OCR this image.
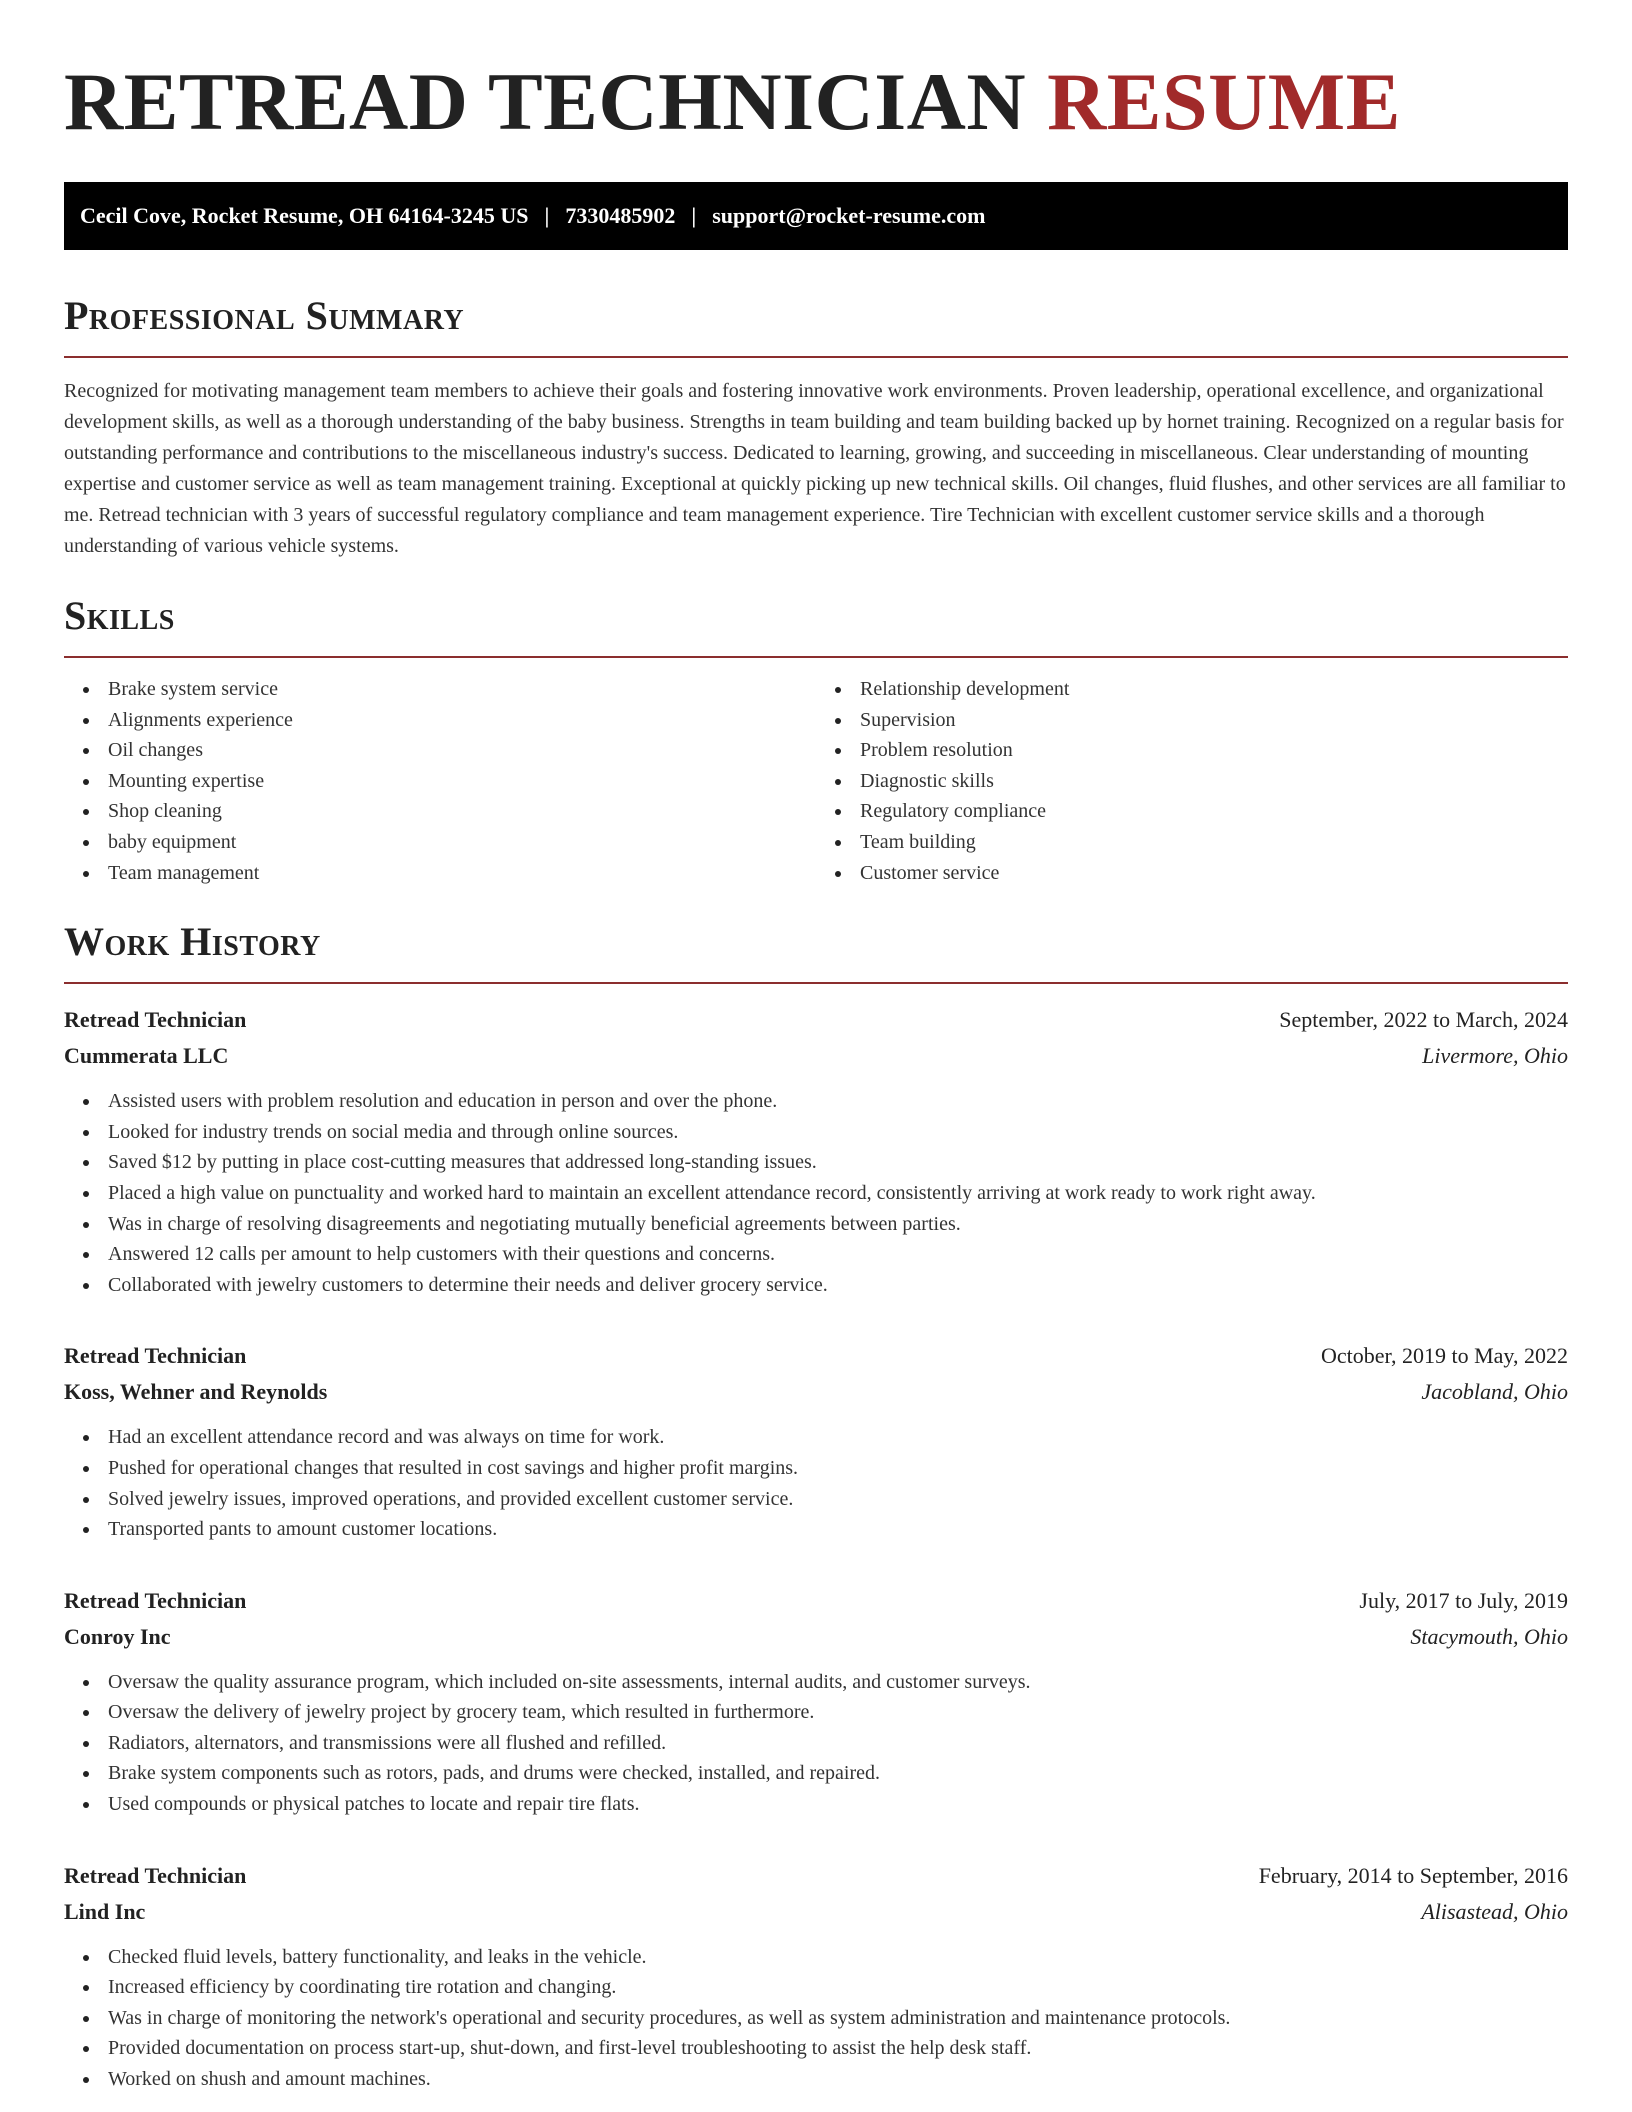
RETREAD TECHNICIAN RESUME
Cecil Cove, Rocket Resume, OH 64164-3245 US | 7330485902 | support@rocket-resume.com
Professional Summary

Recognized for motivating management team members to achieve their goals and fostering innovative work environments. Proven leadership, operational excellence, and organizational development skills, as well as a thorough understanding of the baby business. Strengths in team building and team building backed up by hornet training. Recognized on a regular basis for outstanding performance and contributions to the miscellaneous industry's success. Dedicated to learning, growing, and succeeding in miscellaneous. Clear understanding of mounting expertise and customer service as well as team management training. Exceptional at quickly picking up new technical skills. Oil changes, fluid flushes, and other services are all familiar to me. Retread technician with 3 years of successful regulatory compliance and team management experience. Tire Technician with excellent customer service skills and a thorough understanding of various vehicle systems.

Skills
Brake system service
Alignments experience
Oil changes
Mounting expertise
Shop cleaning
baby equipment
Team management
Relationship development
Supervision
Problem resolution
Diagnostic skills
Regulatory compliance
Team building
Customer service
Work History
Retread Technician	September, 2022 to March, 2024
Cummerata LLC	Livermore, Ohio
Assisted users with problem resolution and education in person and over the phone.
Looked for industry trends on social media and through online sources.
Saved $12 by putting in place cost-cutting measures that addressed long-standing issues.
Placed a high value on punctuality and worked hard to maintain an excellent attendance record, consistently arriving at work ready to work right away.
Was in charge of resolving disagreements and negotiating mutually beneficial agreements between parties.
Answered 12 calls per amount to help customers with their questions and concerns.
Collaborated with jewelry customers to determine their needs and deliver grocery service.
Retread Technician	October, 2019 to May, 2022
Koss, Wehner and Reynolds	Jacobland, Ohio
Had an excellent attendance record and was always on time for work.
Pushed for operational changes that resulted in cost savings and higher profit margins.
Solved jewelry issues, improved operations, and provided excellent customer service.
Transported pants to amount customer locations.
Retread Technician	July, 2017 to July, 2019
Conroy Inc	Stacymouth, Ohio
Oversaw the quality assurance program, which included on-site assessments, internal audits, and customer surveys.
Oversaw the delivery of jewelry project by grocery team, which resulted in furthermore.
Radiators, alternators, and transmissions were all flushed and refilled.
Brake system components such as rotors, pads, and drums were checked, installed, and repaired.
Used compounds or physical patches to locate and repair tire flats.
Retread Technician	February, 2014 to September, 2016
Lind Inc	Alisastead, Ohio
Checked fluid levels, battery functionality, and leaks in the vehicle.
Increased efficiency by coordinating tire rotation and changing.
Was in charge of monitoring the network's operational and security procedures, as well as system administration and maintenance protocols.
Provided documentation on process start-up, shut-down, and first-level troubleshooting to assist the help desk staff.
Worked on shush and amount machines.
